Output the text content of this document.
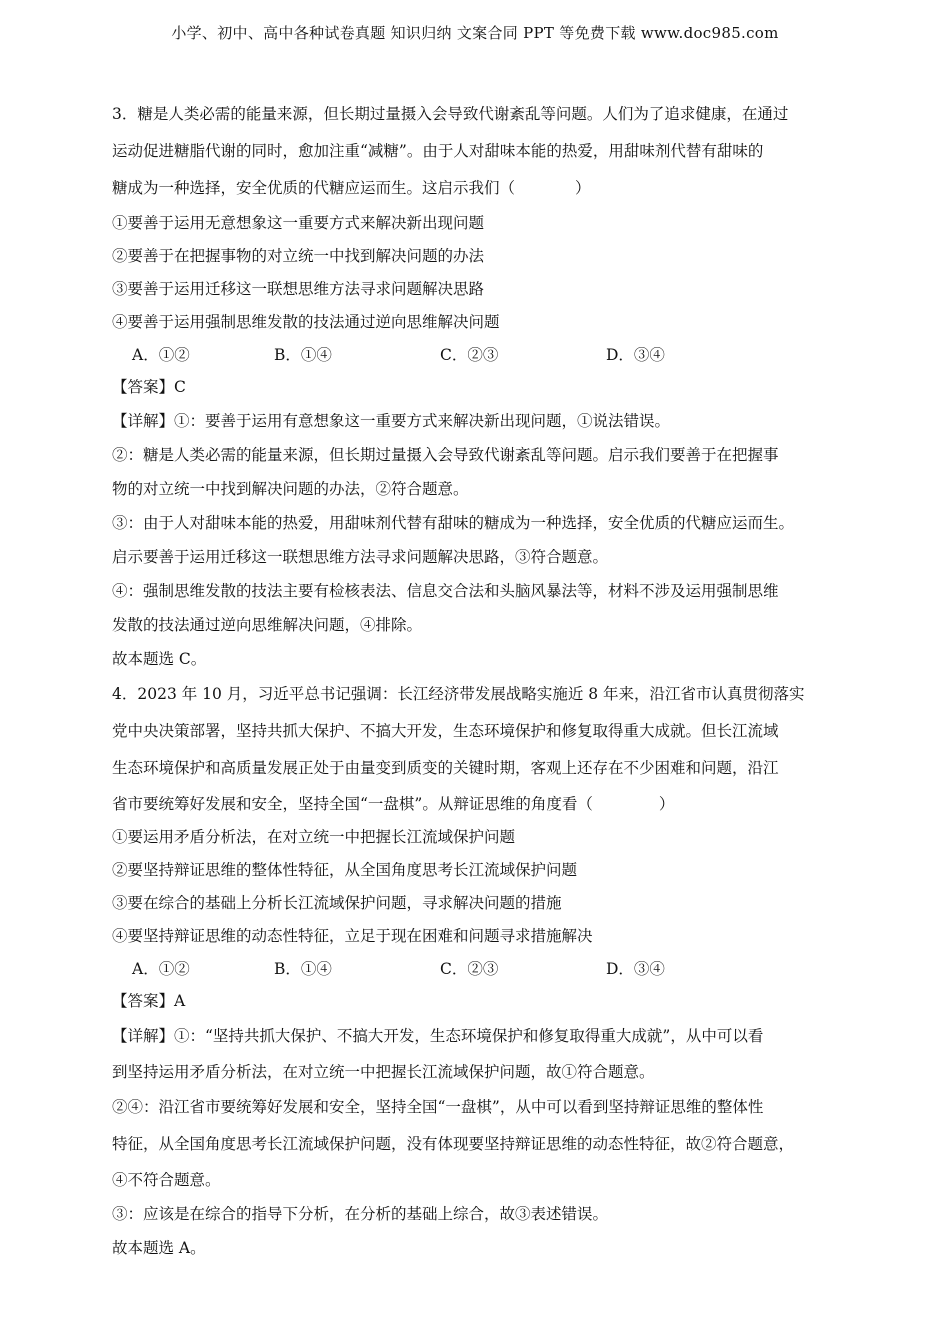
小学、初中、高中各种试卷真题 知识归纳 文案合同 PPT 等免费下载 www.doc985.com

3．糖是人类必需的能量来源，但长期过量摄入会导致代谢紊乱等问题。人们为了追求健康，在通过

运动促进糖脂代谢的同时，愈加注重“减糖”。由于人对甜味本能的热爱，用甜味剂代替有甜味的

糖成为一种选择，安全优质的代糖应运而生。这启示我们（	）

①要善于运用无意想象这一重要方式来解决新出现问题

②要善于在把握事物的对立统一中找到解决问题的办法

③要善于运用迁移这一联想思维方法寻求问题解决思路

④要善于运用强制思维发散的技法通过逆向思维解决问题

A．①②	B．①④	C．②③	D．③④

【答案】C

【详解】①：要善于运用有意想象这一重要方式来解决新出现问题，①说法错误。

②：糖是人类必需的能量来源，但长期过量摄入会导致代谢紊乱等问题。启示我们要善于在把握事

物的对立统一中找到解决问题的办法，②符合题意。

③：由于人对甜味本能的热爱，用甜味剂代替有甜味的糖成为一种选择，安全优质的代糖应运而生。

启示要善于运用迁移这一联想思维方法寻求问题解决思路，③符合题意。

④：强制思维发散的技法主要有检核表法、信息交合法和头脑风暴法等，材料不涉及运用强制思维

发散的技法通过逆向思维解决问题，④排除。

故本题选 C。

4．2023 年 10 月，习近平总书记强调：长江经济带发展战略实施近 8 年来，沿江省市认真贯彻落实

党中央决策部署，坚持共抓大保护、不搞大开发，生态环境保护和修复取得重大成就。但长江流域

生态环境保护和高质量发展正处于由量变到质变的关键时期，客观上还存在不少困难和问题，沿江

省市要统筹好发展和安全，坚持全国“一盘棋”。从辩证思维的角度看（	）

①要运用矛盾分析法，在对立统一中把握长江流域保护问题

②要坚持辩证思维的整体性特征，从全国角度思考长江流域保护问题

③要在综合的基础上分析长江流域保护问题，寻求解决问题的措施

④要坚持辩证思维的动态性特征，立足于现在困难和问题寻求措施解决

A．①②	B．①④	C．②③	D．③④

【答案】A

【详解】①：“坚持共抓大保护、不搞大开发，生态环境保护和修复取得重大成就”，从中可以看

到坚持运用矛盾分析法，在对立统一中把握长江流域保护问题，故①符合题意。

②④：沿江省市要统筹好发展和安全，坚持全国“一盘棋”，从中可以看到坚持辩证思维的整体性

特征，从全国角度思考长江流域保护问题，没有体现要坚持辩证思维的动态性特征，故②符合题意，

④不符合题意。

③：应该是在综合的指导下分析，在分析的基础上综合，故③表述错误。

故本题选 A。
